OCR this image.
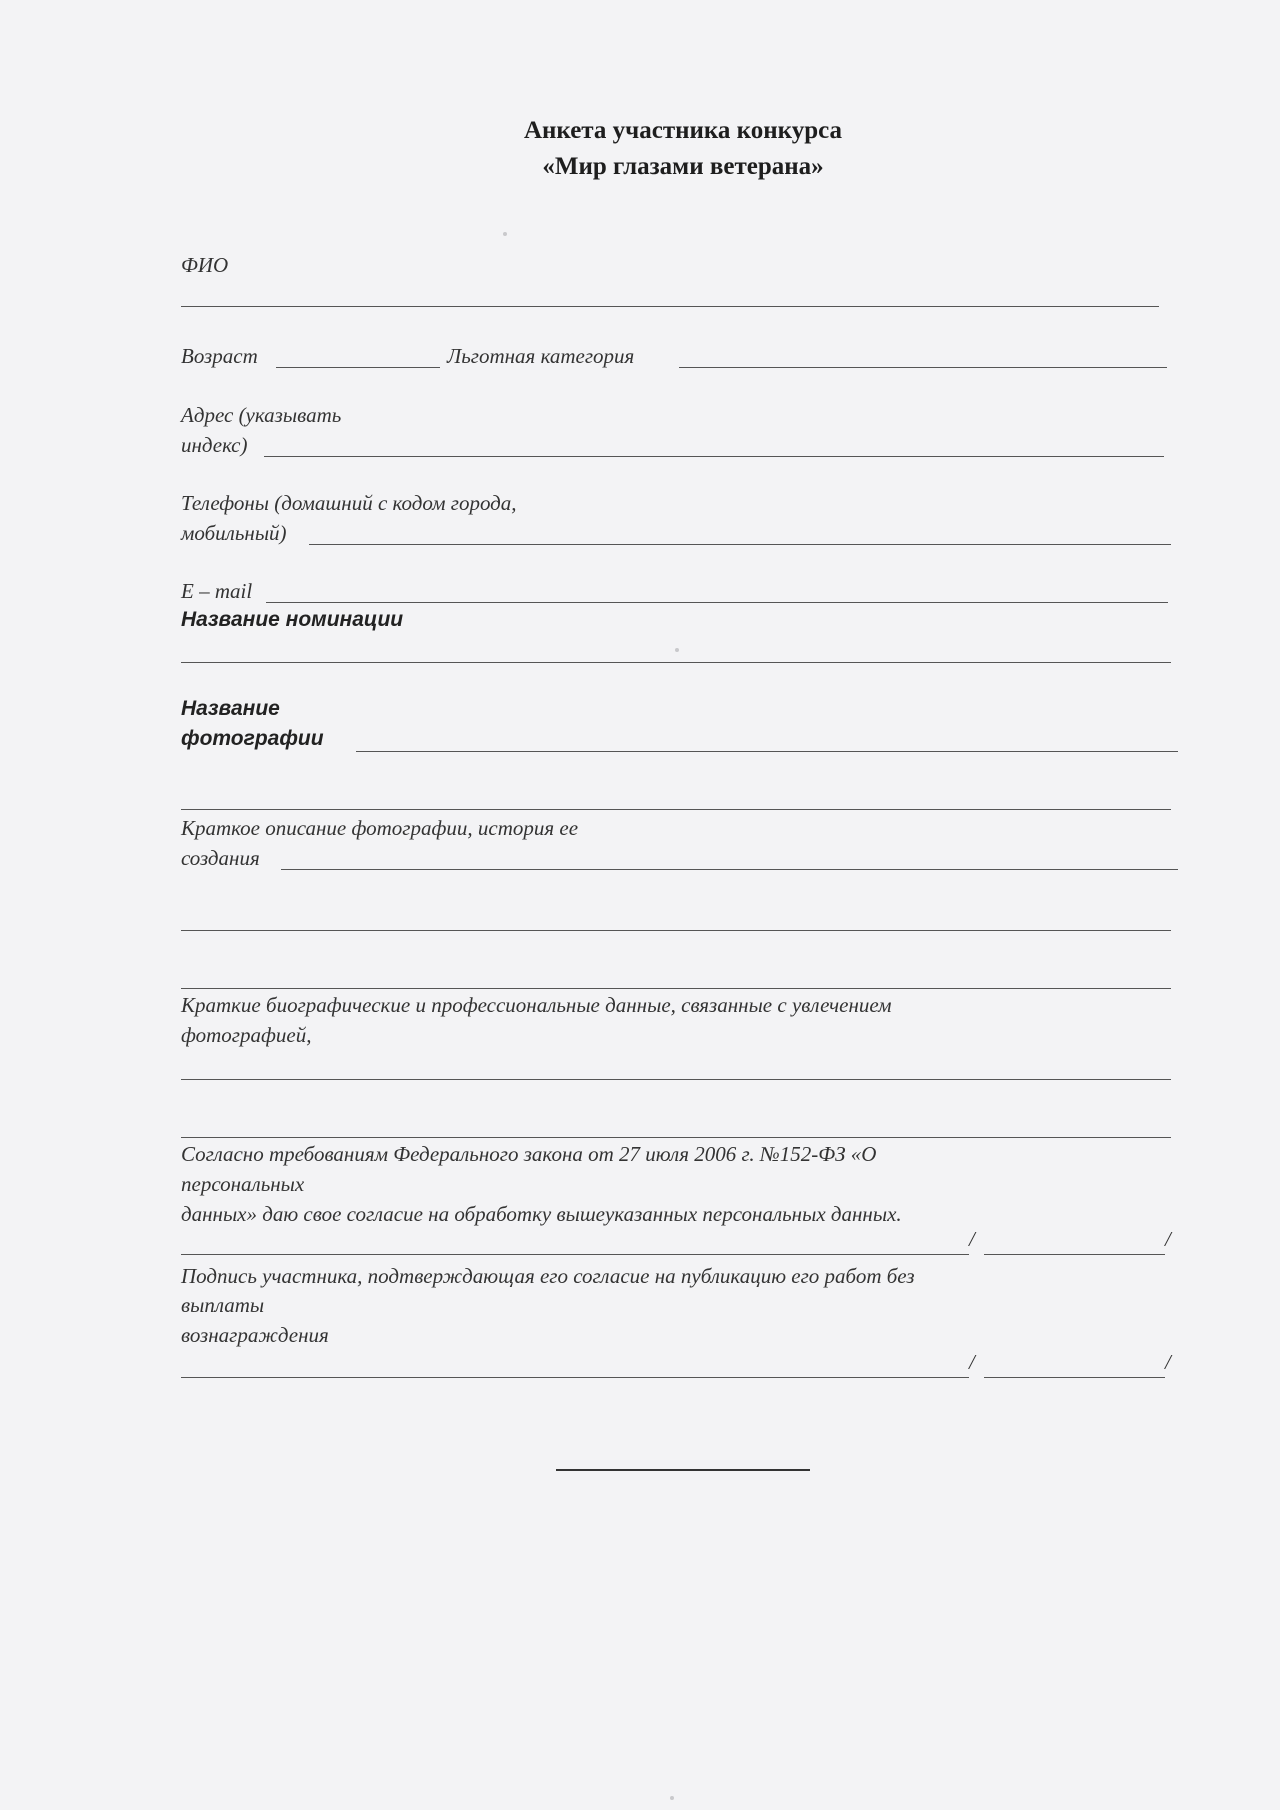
Анкета участника конкурса
«Мир глазами ветерана»
ФИО
Возраст	Льготная категория
Адрес (указывать
индекс)
Телефоны (домашний с кодом города,
мобильный)
E – mail
Название номинации
Название
фотографии
Краткое описание фотографии, история ее
создания
Краткие биографические и профессиональные данные, связанные с увлечением
фотографией,
Согласно требованиям Федерального закона от 27 июля 2006 г. №152-ФЗ «О
персональных
данных» даю свое согласие на обработку вышеуказанных персональных данных.
/	/
Подпись участника, подтверждающая его согласие на публикацию его работ без
выплаты
вознаграждения
/	/
